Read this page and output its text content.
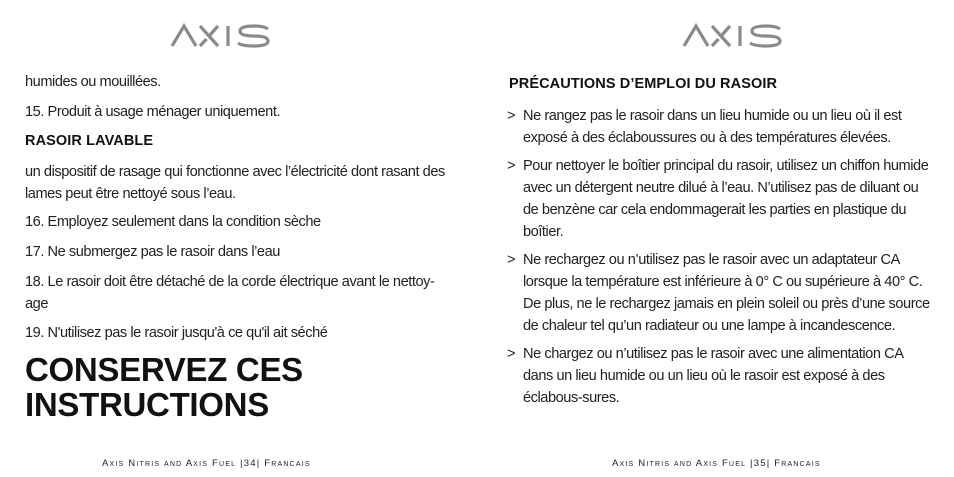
humides ou mouillées.
15. Produit à usage ménager uniquement.
RASOIR LAVABLE
un dispositif de rasage qui fonctionne avec l’électricité dont rasant des lames peut être nettoyé sous l’eau.
16. Employez seulement dans la condition sèche
17. Ne submergez pas le rasoir dans l’eau
18. Le rasoir doit être détaché de la corde électrique avant le nettoy-age
19. N'utilisez pas le rasoir jusqu'à ce qu'il ait séché
CONSERVEZ CES
INSTRUCTIONS
Axis Nitris and Axis Fuel |34| Francais
PRÉCAUTIONS D’EMPLOI DU RASOIR
> Ne rangez pas le rasoir dans un lieu humide ou un lieu où il est exposé à des éclaboussures ou à des températures élevées.
> Pour nettoyer le boîtier principal du rasoir, utilisez un chiffon humide avec un détergent neutre dilué à l’eau. N’utilisez pas de diluant ou de benzène car cela endommagerait les parties en plastique du boîtier.
> Ne rechargez ou n’utilisez pas le rasoir avec un adaptateur CA lorsque la température est inférieure à 0° C ou supérieure à 40° C. De plus, ne le rechargez jamais en plein soleil ou près d’une source de chaleur tel qu’un radiateur ou une lampe à incandescence.
> Ne chargez ou n’utilisez pas le rasoir avec une alimentation CA dans un lieu humide ou un lieu où le rasoir est exposé à des éclabous-sures.
Axis Nitris and Axis Fuel |35| Francais
